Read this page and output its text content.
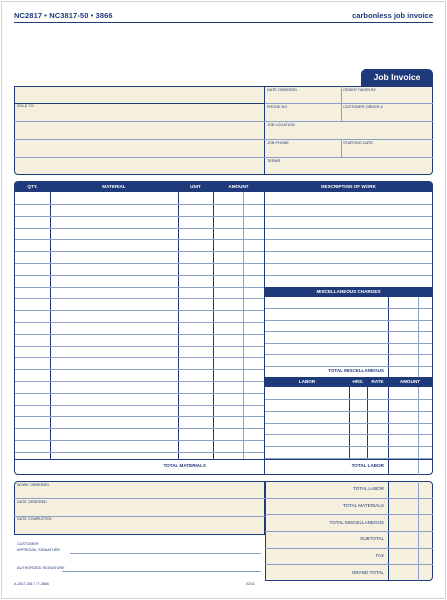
NC2817 • NC3817-50 • 3866	carbonless job invoice
Job Invoice
SOLD TO
DATE ORDERED	ORDER TAKEN BY
PHONE NO.	CUSTOMER ORDER #
JOB LOCATION
JOB PHONE	STARTING DATE
TERMS
QTY.	MATERIAL	UNIT	AMOUNT	DESCRIPTION OF WORK
TOTAL MATERIALS
MISCELLANEOUS CHARGES
TOTAL MISCELLANEOUS
LABOR	HRS.	RATE	AMOUNT
TOTAL LABOR
WORK ORDERED
DATE ORDERED
DATE COMPLETED
CUSTOMER
APPROVAL SIGNATURE
AUTHORIZED SIGNATURE
TOTAL LABOR
TOTAL MATERIALS
TOTAL MISCELLANEOUS
SUBTOTAL
TAX
GRAND TOTAL
A-2817-3817 / T-3866	02/11
